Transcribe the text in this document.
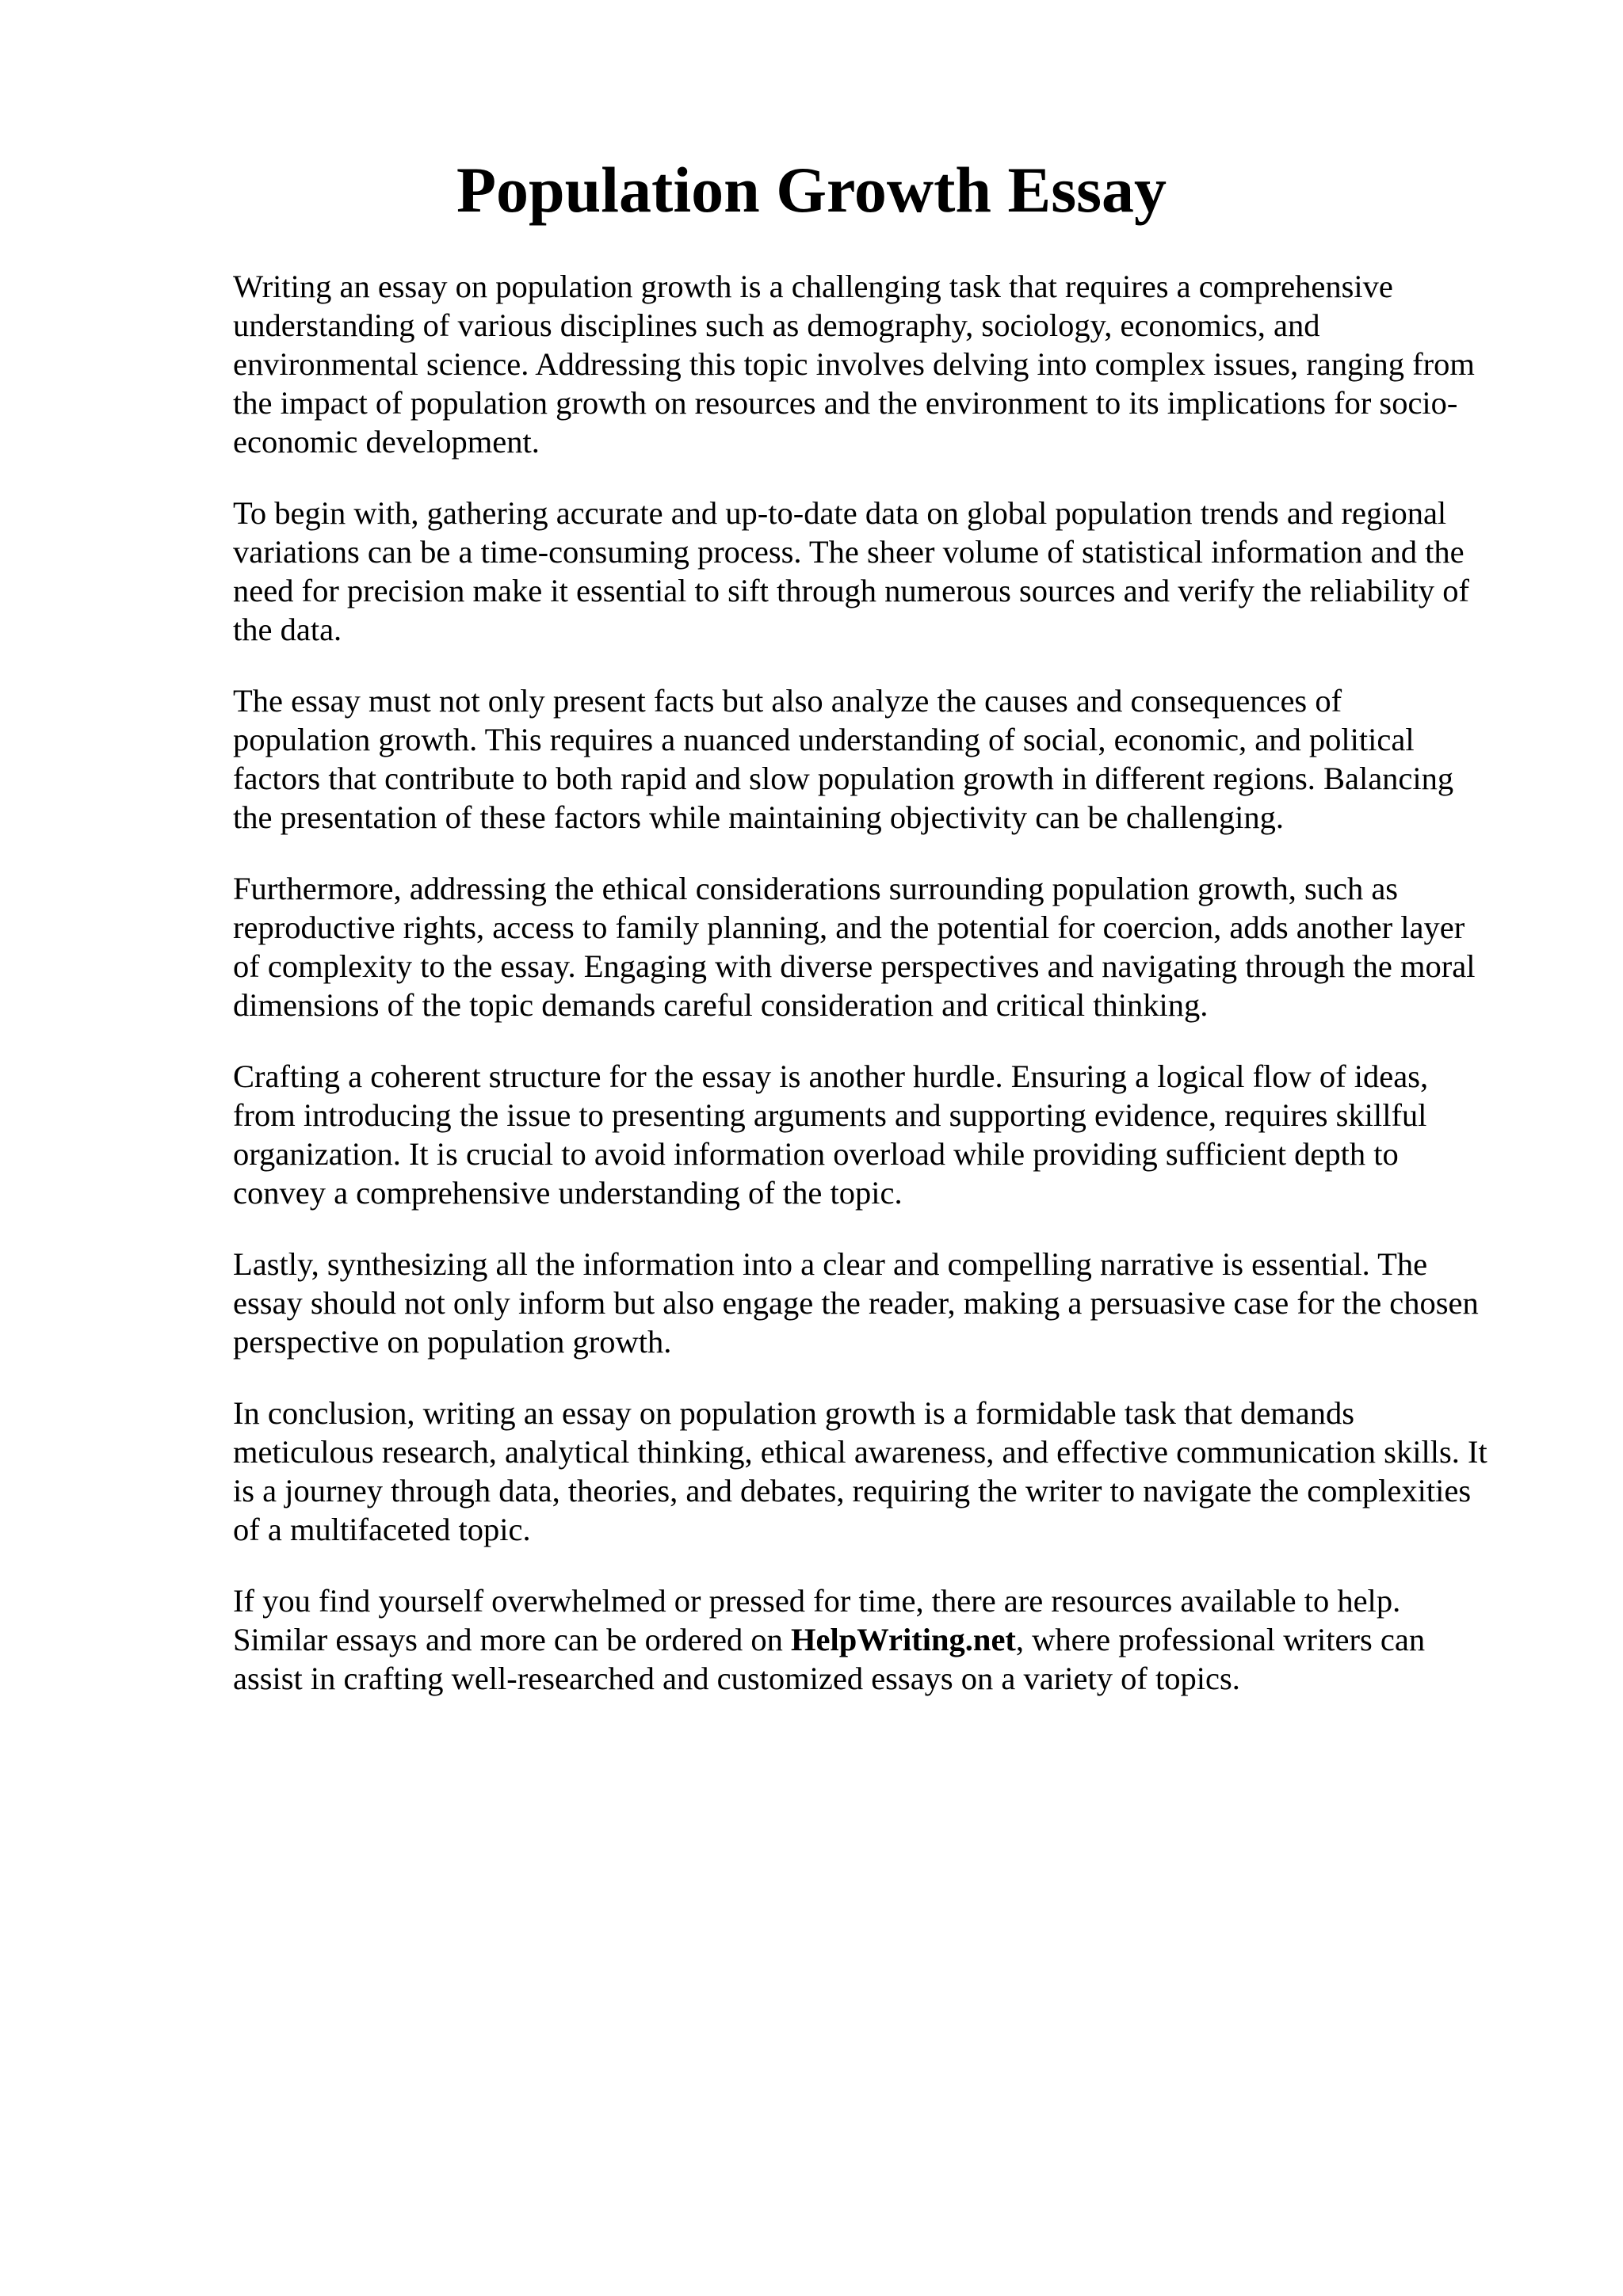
Population Growth Essay

Writing an essay on population growth is a challenging task that requires a comprehensive
understanding of various disciplines such as demography, sociology, economics, and
environmental science. Addressing this topic involves delving into complex issues, ranging from
the impact of population growth on resources and the environment to its implications for socio-
economic development.

To begin with, gathering accurate and up-to-date data on global population trends and regional
variations can be a time-consuming process. The sheer volume of statistical information and the
need for precision make it essential to sift through numerous sources and verify the reliability of
the data.

The essay must not only present facts but also analyze the causes and consequences of
population growth. This requires a nuanced understanding of social, economic, and political
factors that contribute to both rapid and slow population growth in different regions. Balancing
the presentation of these factors while maintaining objectivity can be challenging.

Furthermore, addressing the ethical considerations surrounding population growth, such as
reproductive rights, access to family planning, and the potential for coercion, adds another layer
of complexity to the essay. Engaging with diverse perspectives and navigating through the moral
dimensions of the topic demands careful consideration and critical thinking.

Crafting a coherent structure for the essay is another hurdle. Ensuring a logical flow of ideas,
from introducing the issue to presenting arguments and supporting evidence, requires skillful
organization. It is crucial to avoid information overload while providing sufficient depth to
convey a comprehensive understanding of the topic.

Lastly, synthesizing all the information into a clear and compelling narrative is essential. The
essay should not only inform but also engage the reader, making a persuasive case for the chosen
perspective on population growth.

In conclusion, writing an essay on population growth is a formidable task that demands
meticulous research, analytical thinking, ethical awareness, and effective communication skills. It
is a journey through data, theories, and debates, requiring the writer to navigate the complexities
of a multifaceted topic.

If you find yourself overwhelmed or pressed for time, there are resources available to help.
Similar essays and more can be ordered on HelpWriting.net, where professional writers can
assist in crafting well-researched and customized essays on a variety of topics.
